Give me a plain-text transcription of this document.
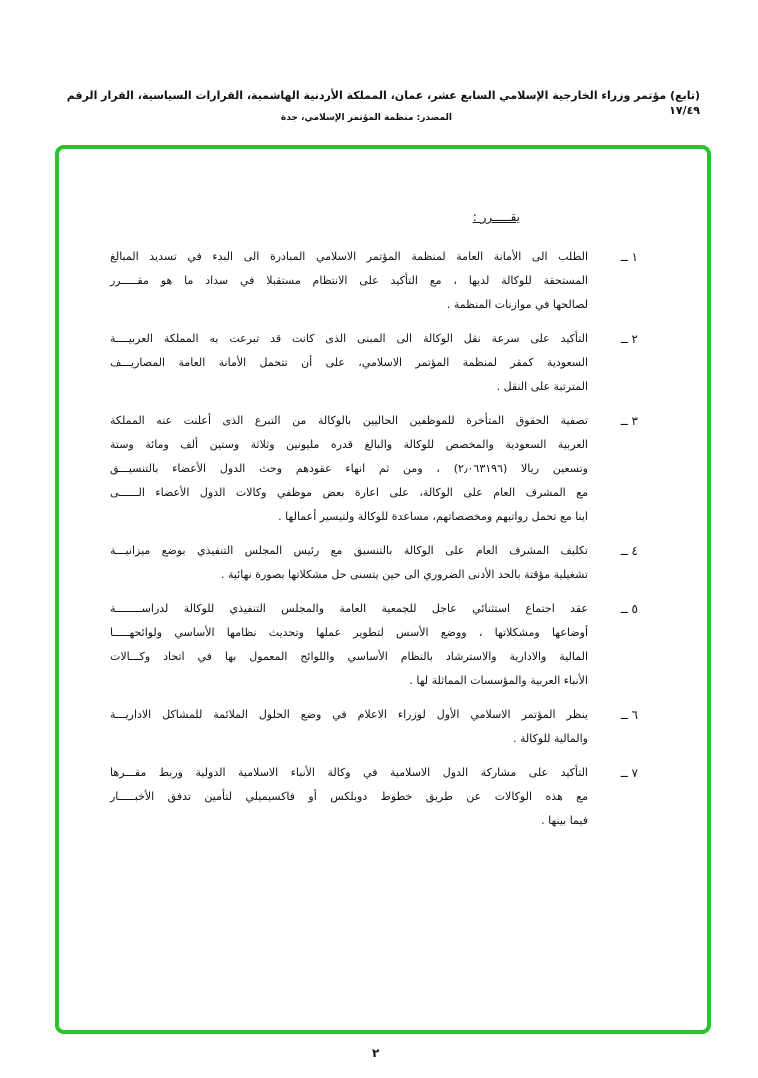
(تابع) مؤتمر وزراء الخارجية الإسلامي السابع عشر، عمان، المملكة الأردنية الهاشمية، القرارات السياسية، القرار الرقم ١٧/٤٩
المصدر: منظمة المؤتمر الإسلامي، جدة
يقـــــرر :
١ ــ
الطلب الى الأمانة العامة لمنظمة المؤتمر الاسلامي المبادرة الى البدء في تسديد المبالغ
المستحقة للوكالة لديها ، مع التأكيد على الانتظام مستقبلا في سداد ما هو مقـــــرر
لصالحها في موازنات المنظمة .
٢ ــ
التأكيد على سرعة نقل الوكالة الى المبنى الذى كانت قد تبرعت به المملكة العربيــــة
السعودية كمقر لمنظمة المؤتمر الاسلامي، على أن تتحمل الأمانة العامة المصاريـــف
المترتبة على النقل .
٣ ــ
تصفية الحقوق المتأخرة للموظفين الحاليين بالوكالة من التبرع الذى أعلنت عنه المملكة
العربية السعودية والمخصص للوكالة والبالغ قدره مليونين وثلاثة وستين ألف ومائة وستة
وتسعين ريالا (٢٫٠٦٣١٩٦) ، ومن ثم انهاء عقودهم وحث الدول الأعضاء بالتنسيـــق
مع المشرف العام على الوكالة، على اعارة بعض موظفي وكالات الدول الأعضاء الــــــى
اينا مع تحمل رواتبهم ومخصصاتهم، مساعدة للوكالة ولتيسير أعمالها .
٤ ــ
تكليف المشرف العام على الوكالة بالتنسيق مع رئيس المجلس التنفيذي بوضع ميزانيـــة
تشغيلية مؤقتة بالحد الأدنى الضروري الى حين يتسنى حل مشكلاتها بصورة نهائية .
٥ ــ
عقد اجتماع استثنائي عاجل للجمعية العامة والمجلس التنفيذي للوكالة لدراســــــــة
أوضاعها ومشكلاتها ، ووضع الأسس لتطوير عملها وتحديث نظامها الأساسي ولوائحهـــــا
المالية والادارية والاسترشاد بالنظام الأساسي واللوائح المعمول بها في اتحاد وكـــالات
الأنباء العربية والمؤسسات المماثلة لها .
٦ ــ
ينظر المؤتمر الاسلامي الأول لوزراء الاعلام في وضع الحلول الملائمة للمشاكل الاداريـــة
والمالية للوكالة .
٧ ــ
التأكيد على مشاركة الدول الاسلامية في وكالة الأنباء الاسلامية الدولية وربط مقـــرها
مع هذه الوكالات عن طريق خطوط دوبلكس أو فاكسيميلي لتأمين تدفق الأخبـــــار
فيما بينها .
٢
